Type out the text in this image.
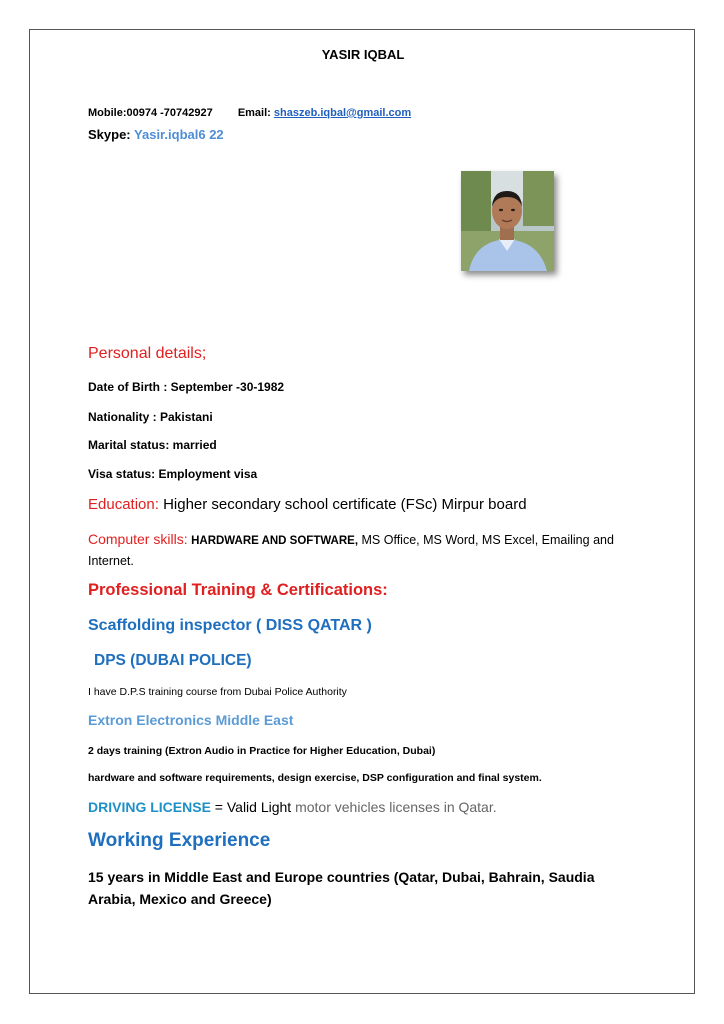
YASIR IQBAL
Mobile:00974 -70742927 Email: shaszeb.iqbal@gmail.com
Skype: Yasir.iqbal6 22
Personal details;
Date of Birth : September -30-1982
Nationality : Pakistani
Marital status: married
Visa status: Employment visa
Education: Higher secondary school certificate (FSc) Mirpur board
Computer skills: HARDWARE AND SOFTWARE, MS Office, MS Word, MS Excel, Emailing and Internet.
Professional Training & Certifications:
Scaffolding inspector ( DISS QATAR )
DPS (DUBAI POLICE)
I have D.P.S training course from Dubai Police Authority
Extron Electronics Middle East
2 days training (Extron Audio in Practice for Higher Education, Dubai)
hardware and software requirements, design exercise, DSP configuration and final system.
DRIVING LICENSE = Valid Light motor vehicles licenses in Qatar.
Working Experience
15 years in Middle East and Europe countries (Qatar, Dubai, Bahrain, Saudia Arabia, Mexico and Greece)
